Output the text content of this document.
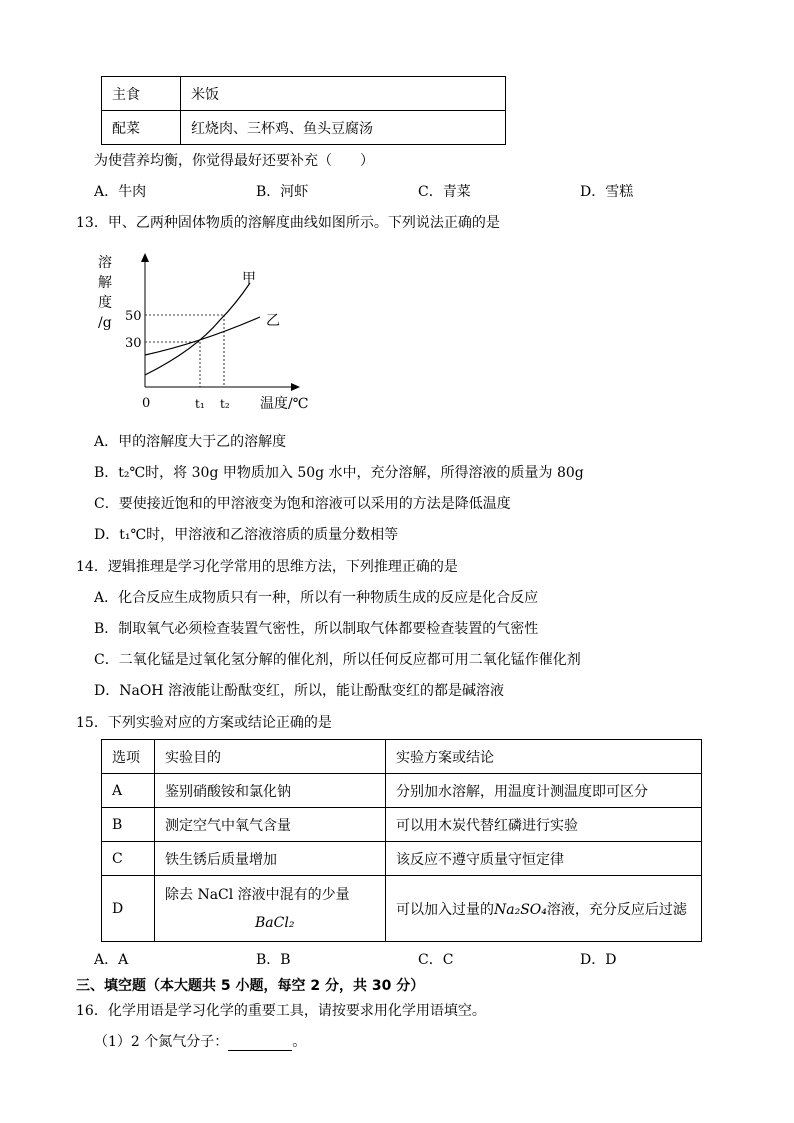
主食	米饭
配菜	红烧肉、三杯鸡、鱼头豆腐汤
为使营养均衡，你觉得最好还要补充（　　）
A．牛肉	B．河虾	C．青菜	D．雪糕
13．甲、乙两种固体物质的溶解度曲线如图所示。下列说法正确的是
溶
解
度
/g
甲
乙
50
30
0	t₁ t₂ 温度/℃
A．甲的溶解度大于乙的溶解度
B．t₂℃时，将 30g 甲物质加入 50g 水中，充分溶解，所得溶液的质量为 80g
C．要使接近饱和的甲溶液变为饱和溶液可以采用的方法是降低温度
D．t₁℃时，甲溶液和乙溶液溶质的质量分数相等
14．逻辑推理是学习化学常用的思维方法，下列推理正确的是
A．化合反应生成物质只有一种，所以有一种物质生成的反应是化合反应
B．制取氧气必须检查装置气密性，所以制取气体都要检查装置的气密性
C．二氧化锰是过氧化氢分解的催化剂，所以任何反应都可用二氧化锰作催化剂
D．NaOH 溶液能让酚酞变红，所以，能让酚酞变红的都是碱溶液
15．下列实验对应的方案或结论正确的是
选项	实验目的	实验方案或结论
A	鉴别硝酸铵和氯化钠	分别加水溶解，用温度计测温度即可区分
B	测定空气中氧气含量	可以用木炭代替红磷进行实验
C	铁生锈后质量增加	该反应不遵守质量守恒定律
D	除去 NaCl 溶液中混有的少量
BaCl₂	可以加入过量的Na₂SO₄溶液，充分反应后过滤
A．A	B．B	C．C	D．D
三、填空题（本大题共 5 小题，每空 2 分，共 30 分）
16．化学用语是学习化学的重要工具，请按要求用化学用语填空。
（1）2 个氮气分子：	。
